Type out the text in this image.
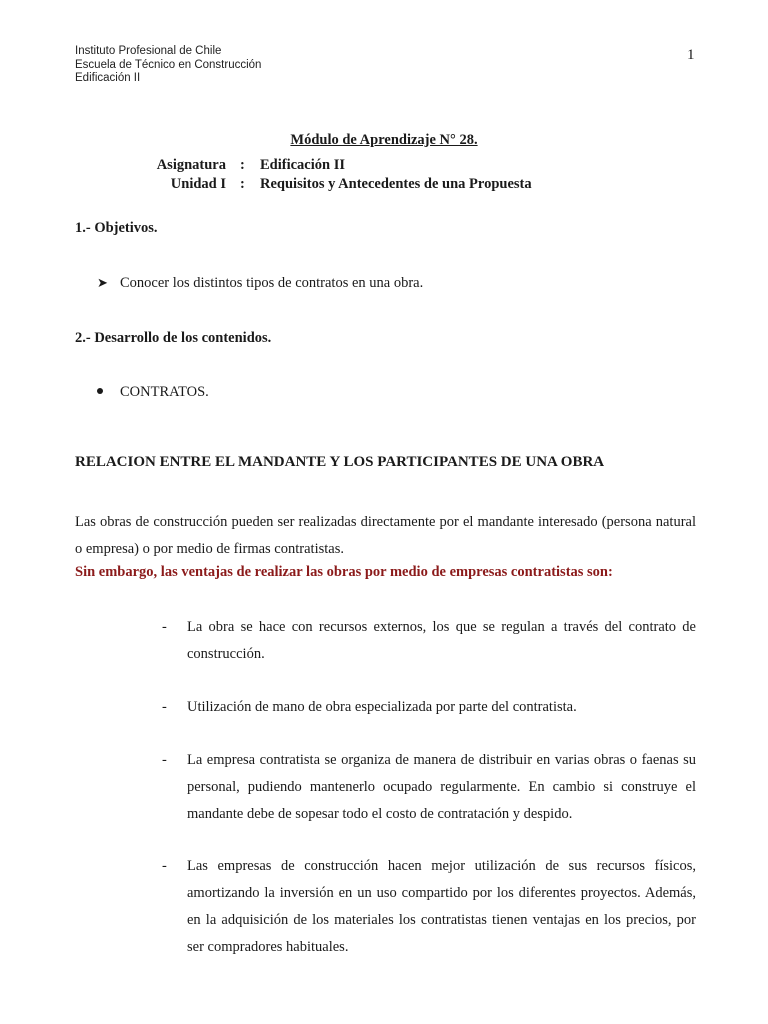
Instituto Profesional de Chile
Escuela de Técnico en Construcción
Edificación II
1
Módulo de Aprendizaje N° 28.
Asignatura
Unidad I
:
:
Edificación II
Requisitos y Antecedentes de una Propuesta
1.- Objetivos.
➤ Conocer los distintos tipos de contratos en una obra.
2.- Desarrollo de los contenidos.
CONTRATOS.
RELACION ENTRE EL MANDANTE Y LOS PARTICIPANTES DE UNA OBRA
Las obras de construcción pueden ser realizadas directamente por el mandante interesado (persona natural o empresa) o por medio de firmas contratistas.
Sin embargo, las ventajas de realizar las obras por medio de empresas contratistas son:
- La obra se hace con recursos externos, los que se regulan a través del contrato de construcción.
- Utilización de mano de obra especializada por parte del contratista.
- La empresa contratista se organiza de manera de distribuir en varias obras o faenas su personal, pudiendo mantenerlo ocupado regularmente. En cambio si construye el mandante debe de sopesar todo el costo de contratación y despido.
- Las empresas de construcción hacen mejor utilización de sus recursos físicos, amortizando la inversión en un uso compartido por los diferentes proyectos. Además, en la adquisición de los materiales los contratistas tienen ventajas en los precios, por ser compradores habituales.
